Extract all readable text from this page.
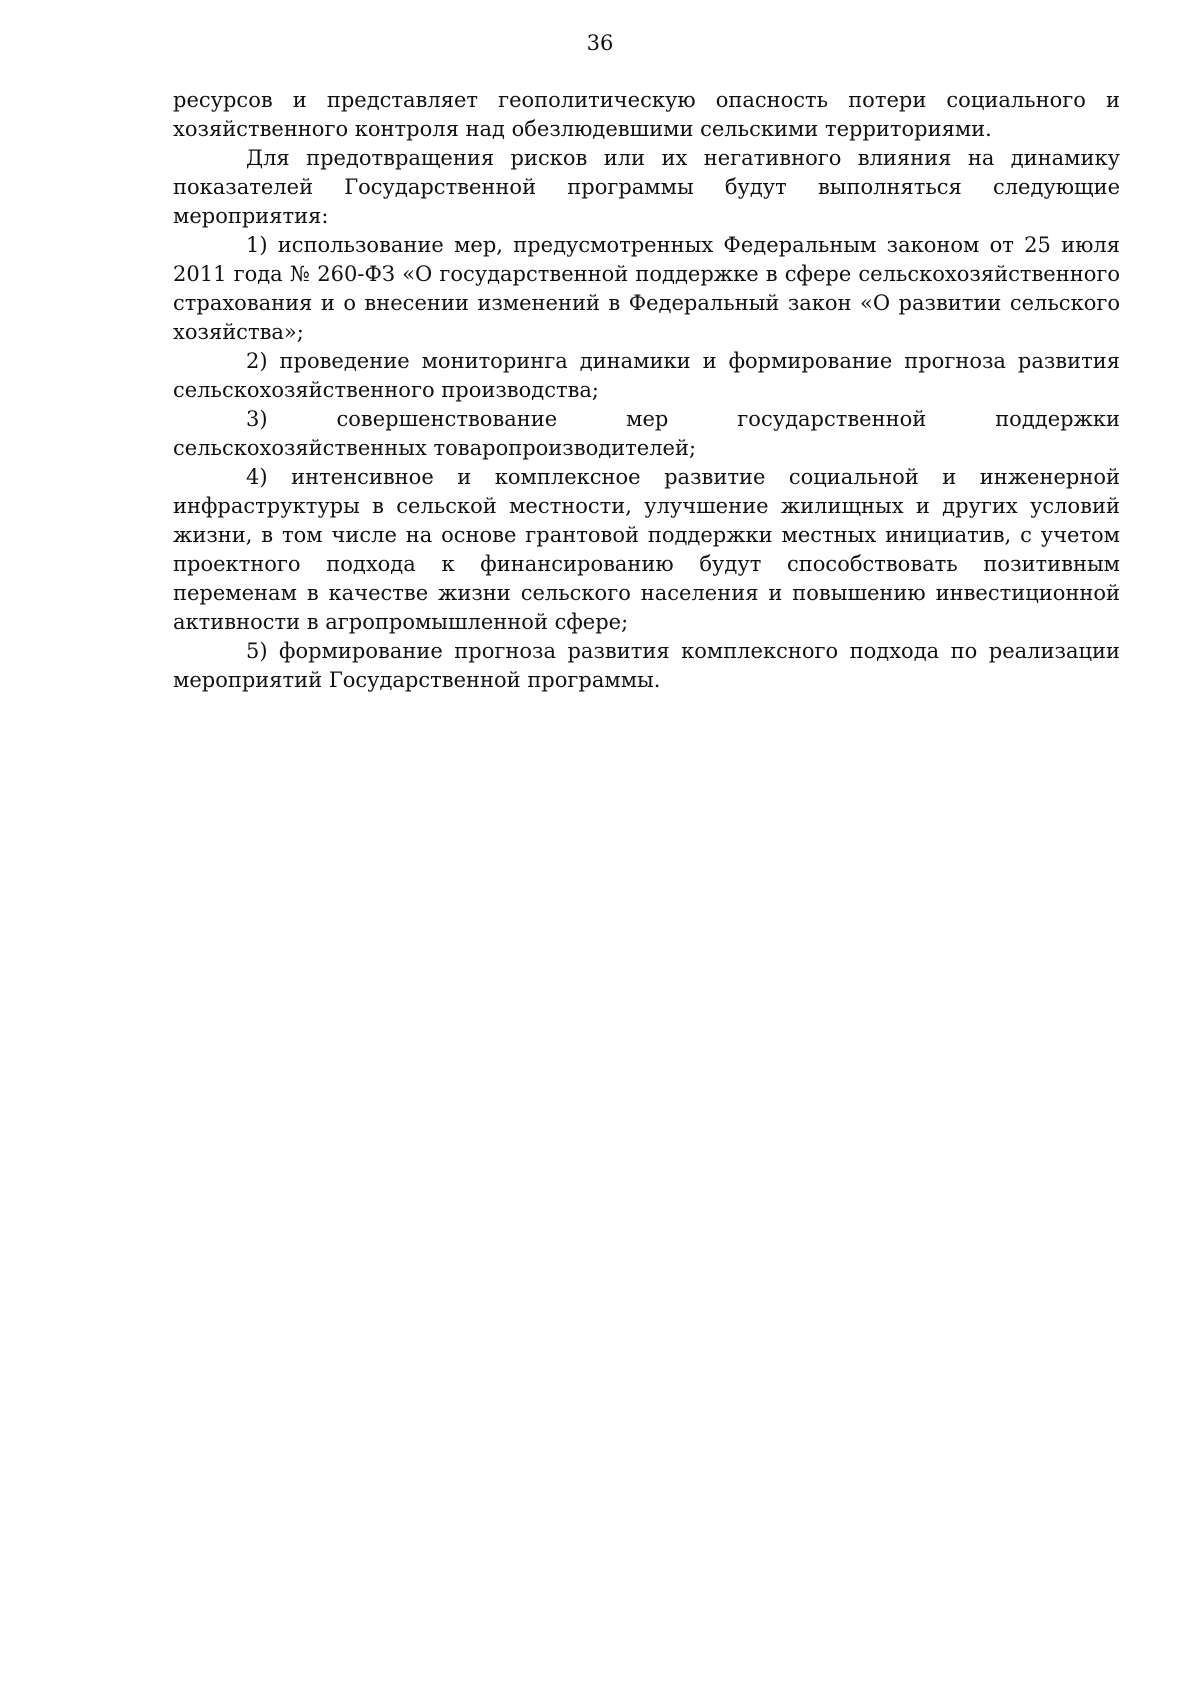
36

ресурсов и представляет геополитическую опасность потери социального и хозяйственного контроля над обезлюдевшими сельскими территориями.

Для предотвращения рисков или их негативного влияния на динамику показателей Государственной программы будут выполняться следующие мероприятия:

1) использование мер, предусмотренных Федеральным законом от 25 июля 2011 года № 260-ФЗ «О государственной поддержке в сфере сельскохозяйственного страхования и о внесении изменений в Федеральный закон «О развитии сельского хозяйства»;

2) проведение мониторинга динамики и формирование прогноза развития сельскохозяйственного производства;

3) совершенствование мер государственной поддержки сельскохозяйственных товаропроизводителей;

4) интенсивное и комплексное развитие социальной и инженерной инфраструктуры в сельской местности, улучшение жилищных и других условий жизни, в том числе на основе грантовой поддержки местных инициатив, с учетом проектного подхода к финансированию будут способствовать позитивным переменам в качестве жизни сельского населения и повышению инвестиционной активности в агропромышленной сфере;

5) формирование прогноза развития комплексного подхода по реализации мероприятий Государственной программы.
